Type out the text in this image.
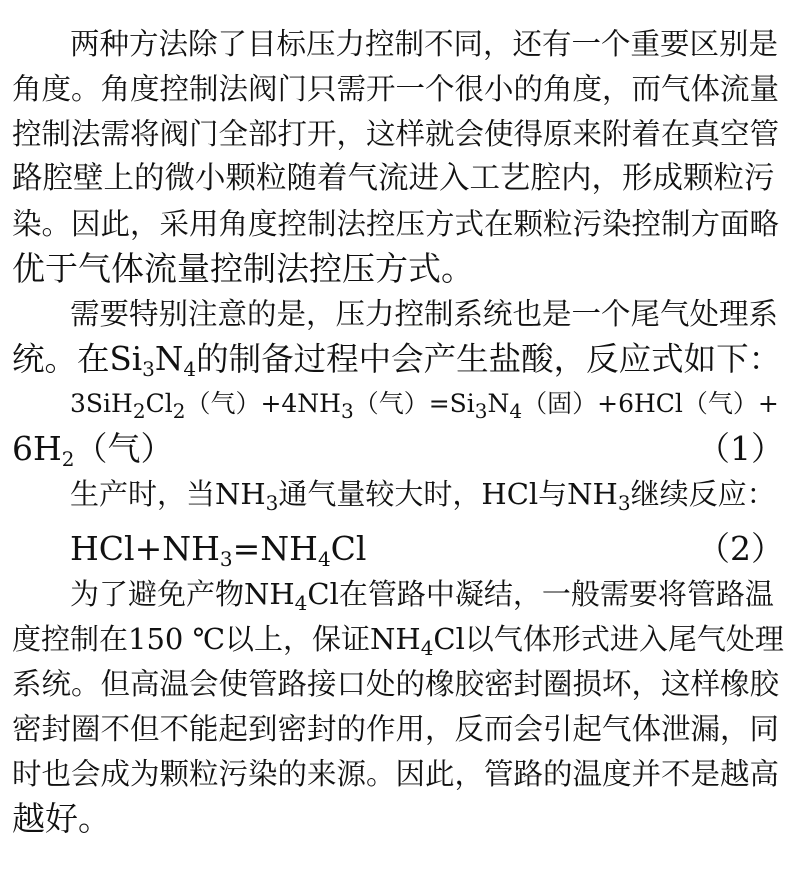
两种方法除了目标压力控制不同，还有一个重要区别是
角度。角度控制法阀门只需开一个很小的角度，而气体流量
控制法需将阀门全部打开，这样就会使得原来附着在真空管
路腔壁上的微小颗粒随着气流进入工艺腔内，形成颗粒污
染。因此，采用角度控制法控压方式在颗粒污染控制方面略
优于气体流量控制法控压方式。
需要特别注意的是，压力控制系统也是一个尾气处理系
统。在$Si_3N_4$的制备过程中会产生盐酸，反应式如下：
$3SiH_2Cl_2$（气）$+4NH_3$（气）$=Si_3N_4$（固）+6HCl（气）+
$6H_2$（气）	（1）
生产时，当$NH_3$通气量较大时，HCl与$NH_3$继续反应：
$HCl+NH_3=NH_4Cl$	（2）
为了避免产物$NH_4Cl$在管路中凝结，一般需要将管路温
度控制在150 ℃以上，保证$NH_4Cl$以气体形式进入尾气处理
系统。但高温会使管路接口处的橡胶密封圈损坏，这样橡胶
密封圈不但不能起到密封的作用，反而会引起气体泄漏，同
时也会成为颗粒污染的来源。因此，管路的温度并不是越高
越好。
